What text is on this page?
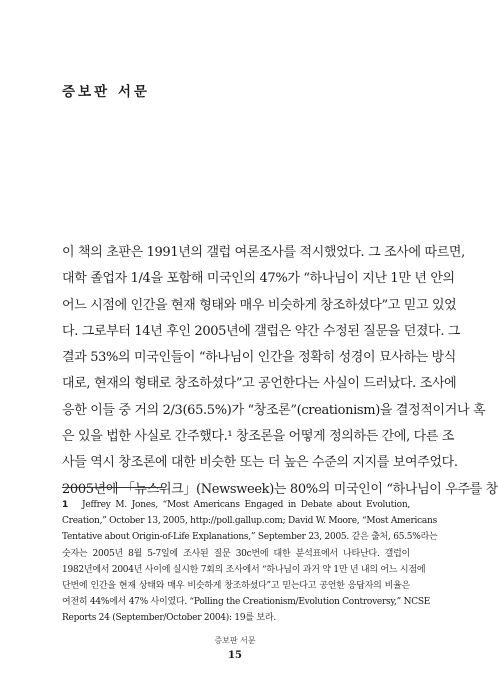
증보판 서문
이 책의 초판은 1991년의 갤럽 여론조사를 적시했었다. 그 조사에 따르면,
대학 졸업자 1/4을 포함해 미국인의 47%가 “하나님이 지난 1만 년 안의
어느 시점에 인간을 현재 형태와 매우 비슷하게 창조하셨다”고 믿고 있었
다. 그로부터 14년 후인 2005년에 갤럽은 약간 수정된 질문을 던졌다. 그
결과 53%의 미국인들이 “하나님이 인간을 정확히 성경이 묘사하는 방식
대로, 현재의 형태로 창조하셨다”고 공언한다는 사실이 드러났다. 조사에
응한 이들 중 거의 2/3(65.5%)가 “창조론”(creationism)을 결정적이거나 혹
은 있을 법한 사실로 간주했다.¹ 창조론을 어떻게 정의하든 간에, 다른 조
사들 역시 창조론에 대한 비슷한 또는 더 높은 수준의 지지를 보여주었다.
2005년에 「뉴스위크」(Newsweek)는 80%의 미국인이 “하나님이 우주를 창
1 Jeffrey M. Jones, “Most Americans Engaged in Debate about Evolution,
Creation,” October 13, 2005, http://poll.gallup.com; David W. Moore, “Most Americans
Tentative about Origin-of-Life Explanations,” September 23, 2005. 같은 출처, 65.5%라는
숫자는 2005년 8월 5-7일에 조사된 질문 30c번에 대한 분석표에서 나타난다. 갤럽이
1982년에서 2004년 사이에 실시한 7회의 조사에서 “하나님이 과거 약 1만 년 내의 어느 시점에
단번에 인간을 현재 상태와 매우 비슷하게 창조하셨다”고 믿는다고 공언한 응답자의 비율은
여전히 44%에서 47% 사이였다. “Polling the Creationism/Evolution Controversy,” NCSE
Reports 24 (September/October 2004): 19를 보라.
증보판 서문
15
